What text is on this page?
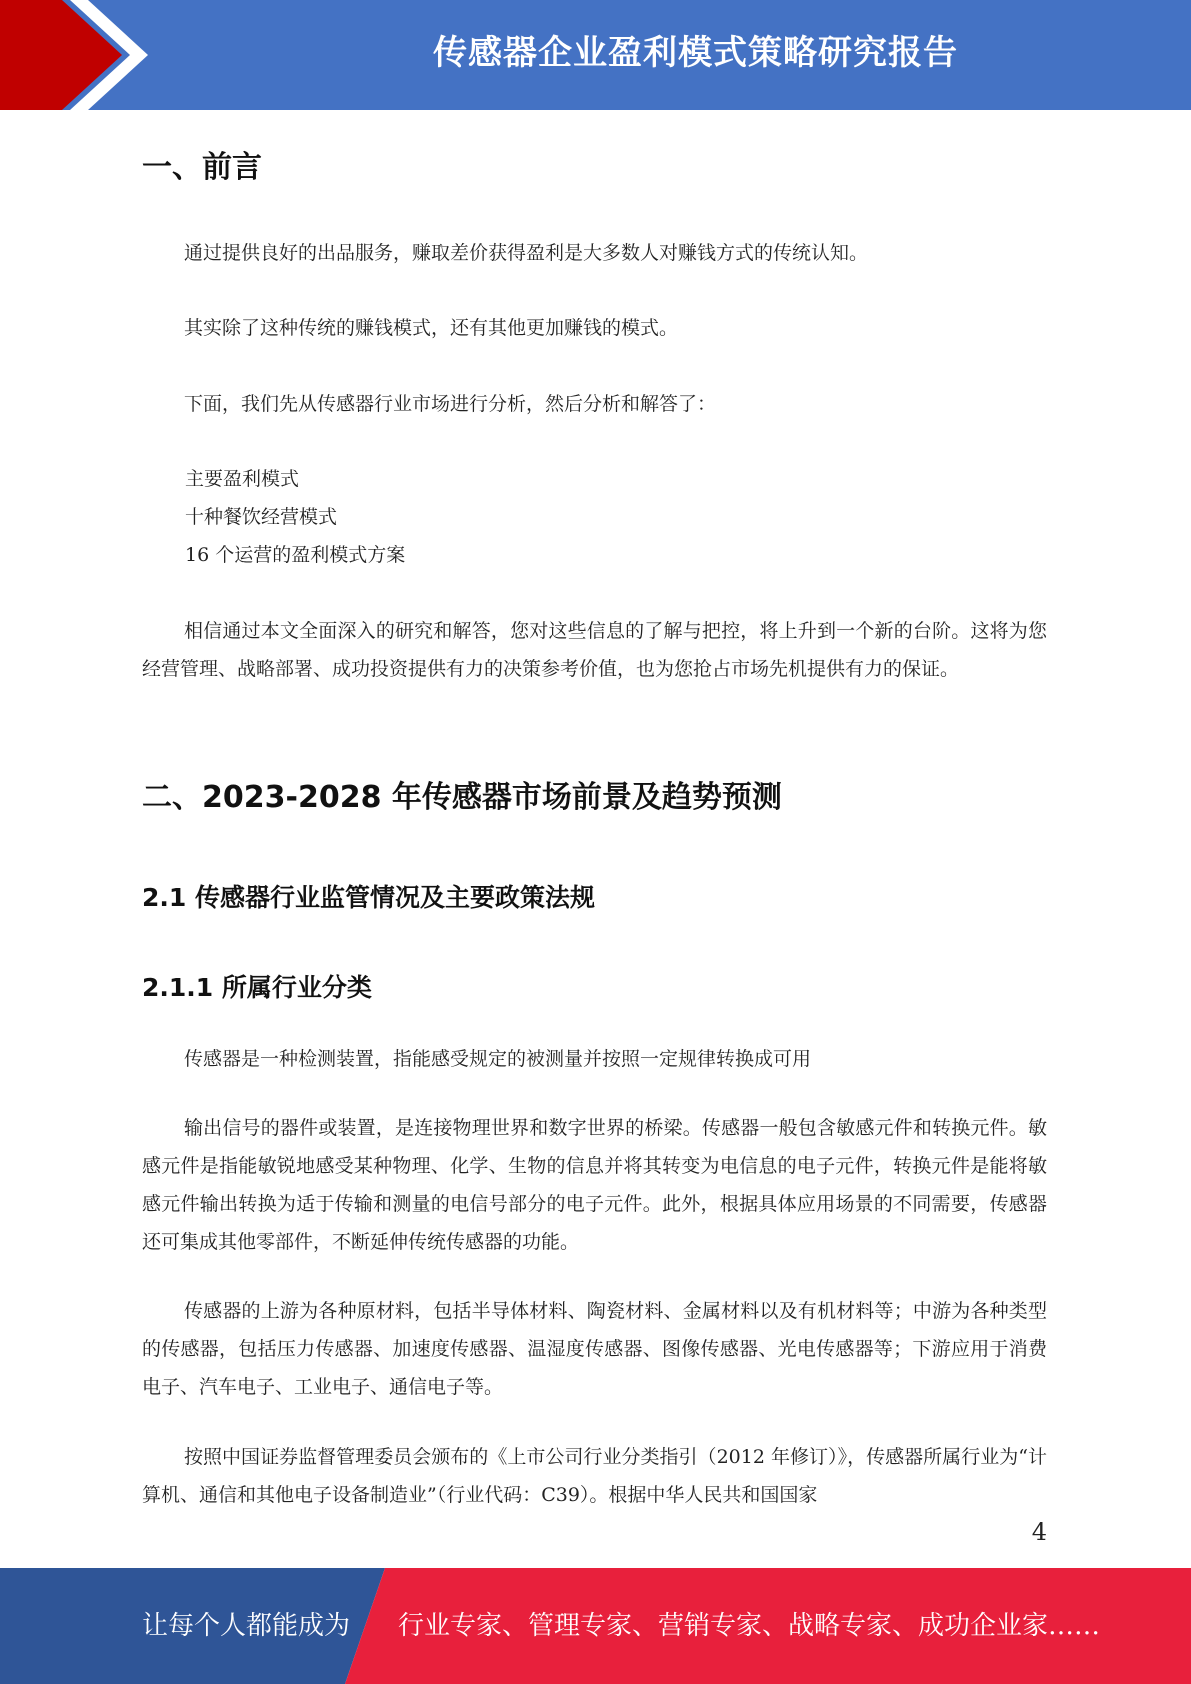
传感器企业盈利模式策略研究报告
一、前言

通过提供良好的出品服务，赚取差价获得盈利是大多数人对赚钱方式的传统认知。

其实除了这种传统的赚钱模式，还有其他更加赚钱的模式。

下面，我们先从传感器行业市场进行分析，然后分析和解答了：

主要盈利模式
十种餐饮经营模式
16 个运营的盈利模式方案

相信通过本文全面深入的研究和解答，您对这些信息的了解与把控，将上升到一个新的台阶。这将为您经营管理、战略部署、成功投资提供有力的决策参考价值，也为您抢占市场先机提供有力的保证。

二、2023-2028 年传感器市场前景及趋势预测
2.1 传感器行业监管情况及主要政策法规
2.1.1 所属行业分类

传感器是一种检测装置，指能感受规定的被测量并按照一定规律转换成可用

输出信号的器件或装置，是连接物理世界和数字世界的桥梁。传感器一般包含敏感元件和转换元件。敏感元件是指能敏锐地感受某种物理、化学、生物的信息并将其转变为电信息的电子元件，转换元件是能将敏感元件输出转换为适于传输和测量的电信号部分的电子元件。此外，根据具体应用场景的不同需要，传感器还可集成其他零部件，不断延伸传统传感器的功能。

传感器的上游为各种原材料，包括半导体材料、陶瓷材料、金属材料以及有机材料等；中游为各种类型的传感器，包括压力传感器、加速度传感器、温湿度传感器、图像传感器、光电传感器等；下游应用于消费电子、汽车电子、工业电子、通信电子等。

按照中国证券监督管理委员会颁布的《上市公司行业分类指引（2012 年修订）》，传感器所属行业为“计算机、通信和其他电子设备制造业”（行业代码：C39）。根据中华人民共和国国家

4
让每个人都能成为 行业专家、管理专家、营销专家、战略专家、成功企业家……
